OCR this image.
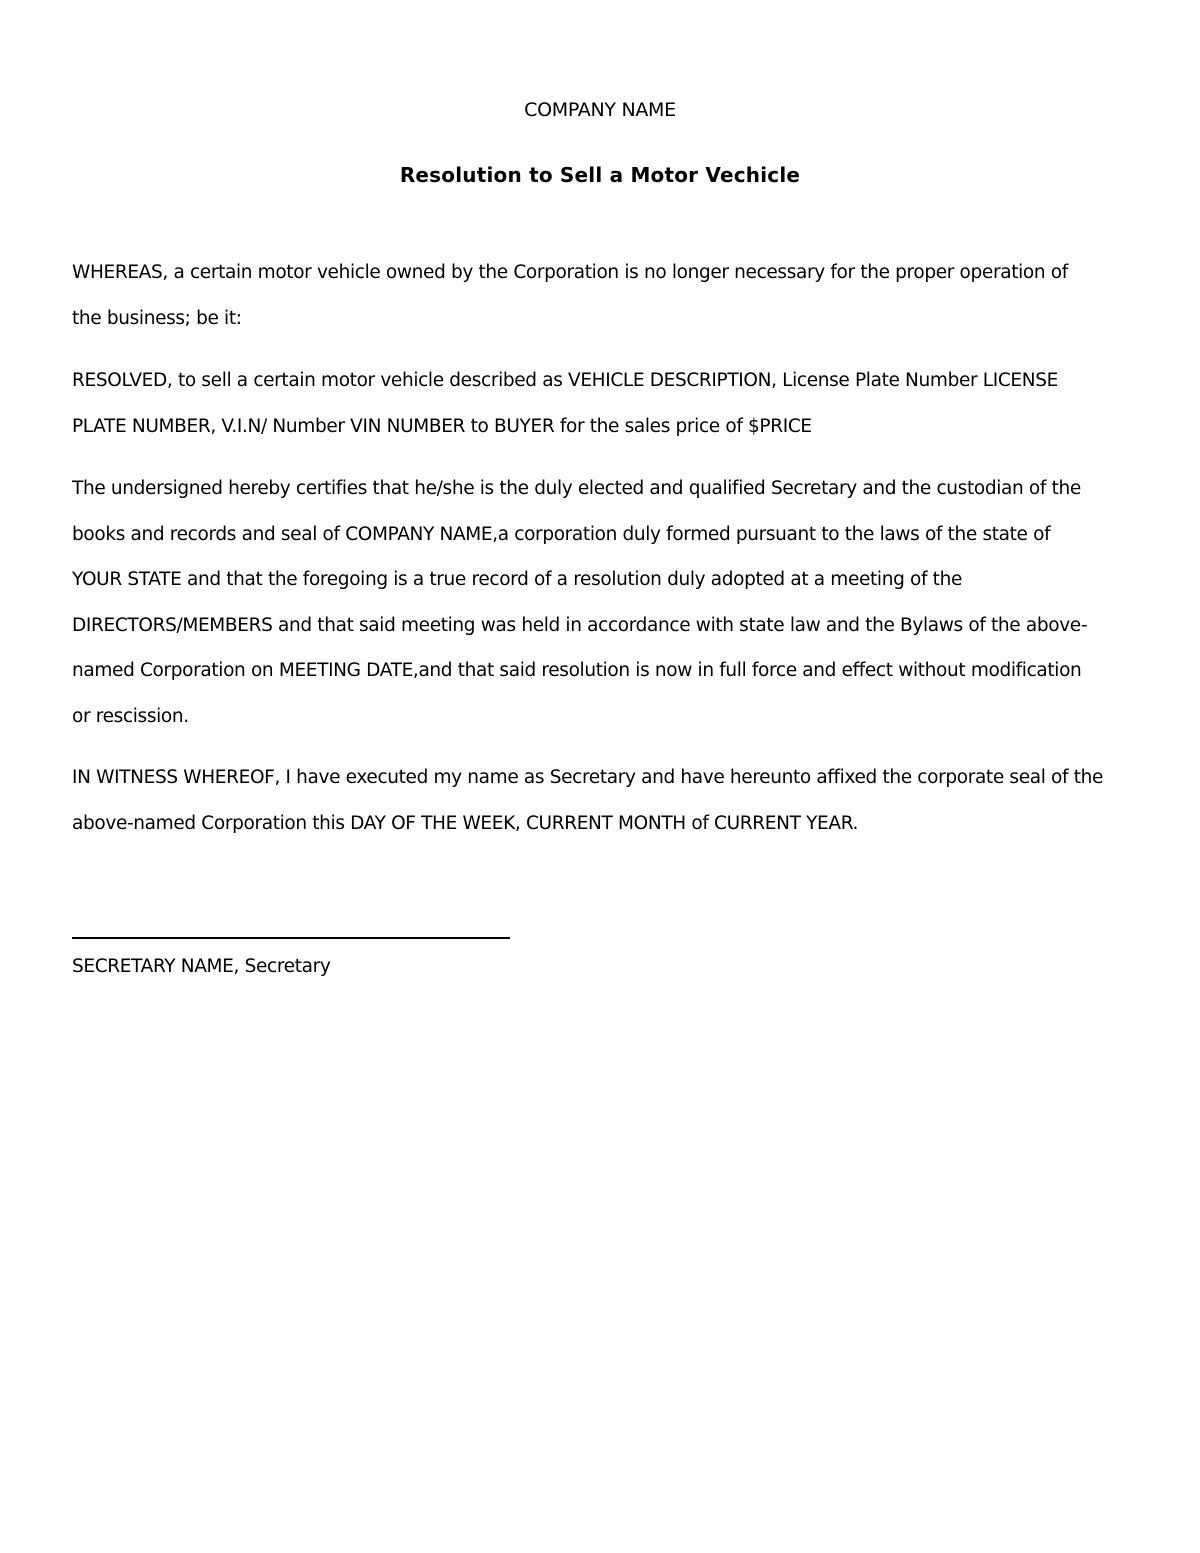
COMPANY NAME
Resolution to Sell a Motor Vechicle
WHEREAS, a certain motor vehicle owned by the Corporation is no longer necessary for the proper operation of
the business; be it:
RESOLVED, to sell a certain motor vehicle described as VEHICLE DESCRIPTION, License Plate Number LICENSE
PLATE NUMBER, V.I.N/ Number VIN NUMBER to BUYER for the sales price of $PRICE
The undersigned hereby certifies that he/she is the duly elected and qualified Secretary and the custodian of the
books and records and seal of COMPANY NAME,a corporation duly formed pursuant to the laws of the state of
YOUR STATE and that the foregoing is a true record of a resolution duly adopted at a meeting of the
DIRECTORS/MEMBERS and that said meeting was held in accordance with state law and the Bylaws of the above-
named Corporation on MEETING DATE,and that said resolution is now in full force and effect without modification
or rescission.
IN WITNESS WHEREOF, I have executed my name as Secretary and have hereunto affixed the corporate seal of the
above-named Corporation this DAY OF THE WEEK, CURRENT MONTH of CURRENT YEAR.
SECRETARY NAME, Secretary
